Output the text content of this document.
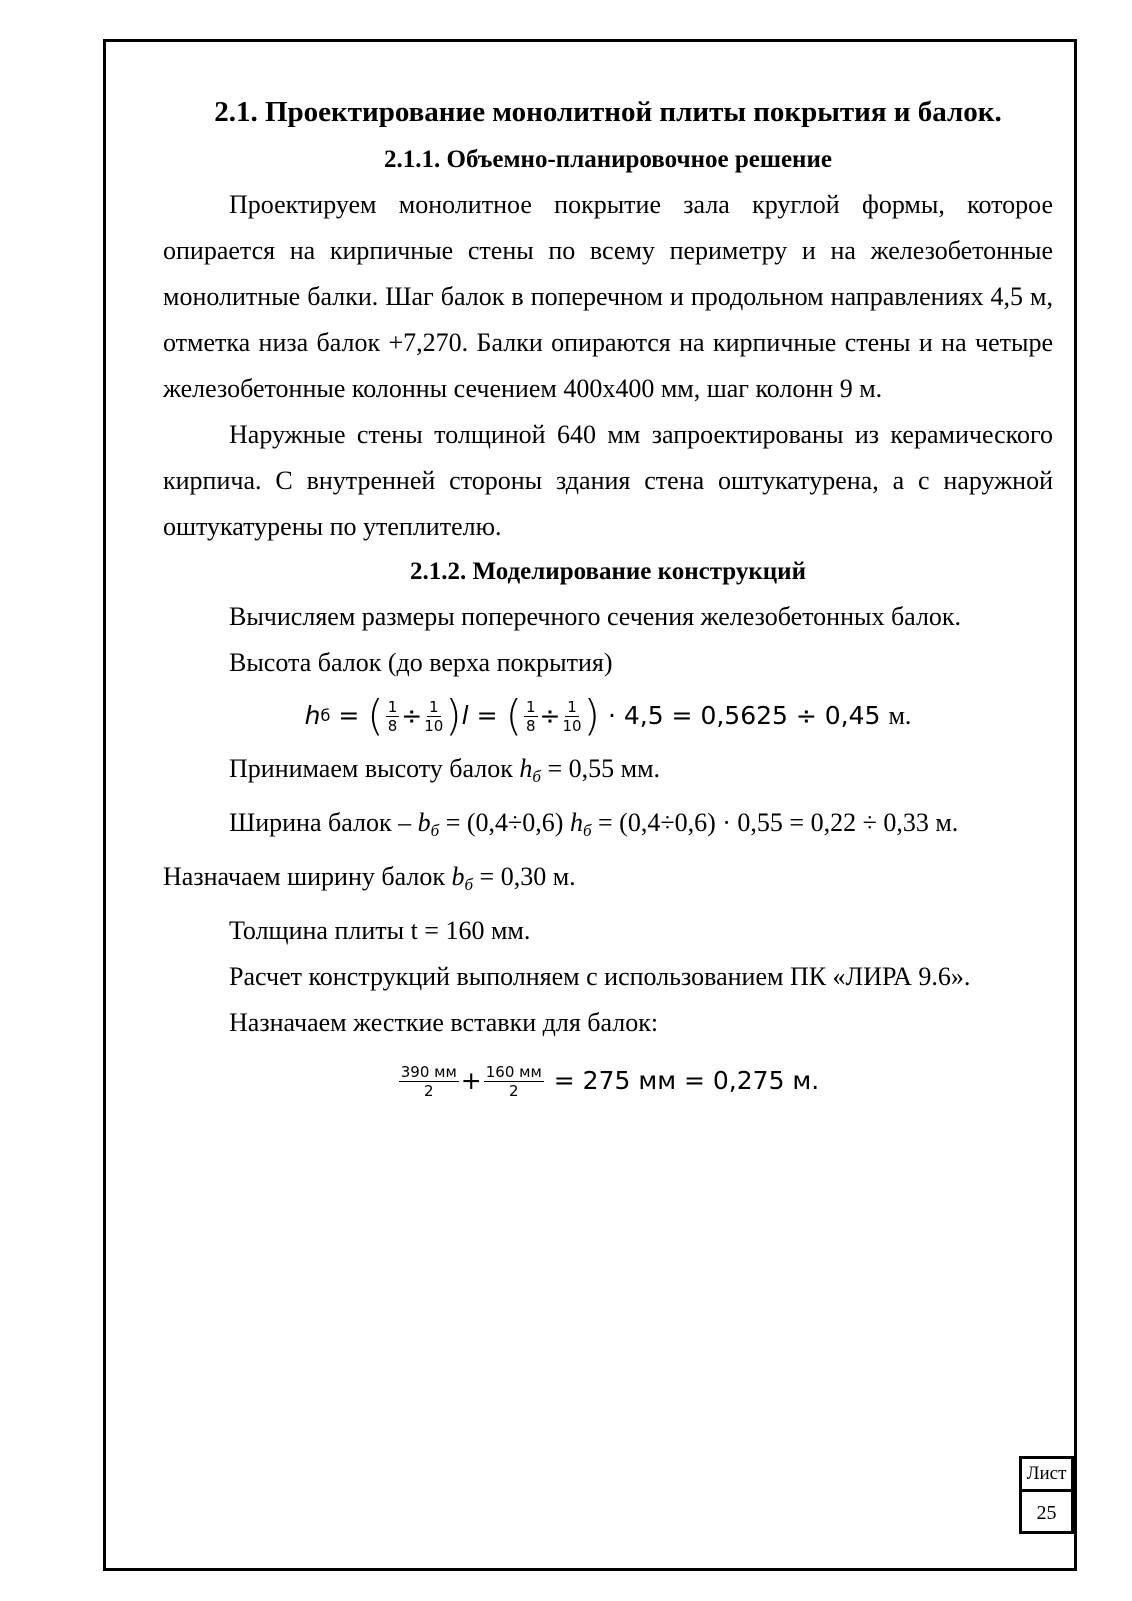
2.1. Проектирование монолитной плиты покрытия и балок.
2.1.1. Объемно-планировочное решение

Проектируем монолитное покрытие зала круглой формы, которое опирается на кирпичные стены по всему периметру и на железобетонные монолитные балки. Шаг балок в поперечном и продольном направлениях 4,5 м, отметка низа балок +7,270. Балки опираются на кирпичные стены и на четыре железобетонные колонны сечением 400х400 мм, шаг колонн 9 м.

Наружные стены толщиной 640 мм запроектированы из керамического кирпича. С внутренней стороны здания стена оштукатурена, а с наружной оштукатурены по утеплителю.

2.1.2. Моделирование конструкций

Вычисляем размеры поперечного сечения железобетонных балок.

Высота балок (до верха покрытия)

h б = ( $\frac{1}{8} \div \frac{1}{10}$ ) l = ( $\frac{1}{8} \div \frac{1}{10}$ ) · 4,5 = 0,5625 ÷ 0,45 м.

Принимаем высоту балок hб = 0,55 мм.

Ширина балок – bб = (0,4÷0,6) hб = (0,4÷0,6) · 0,55 = 0,22 ÷ 0,33 м.

Назначаем ширину балок bб = 0,30 м.

Толщина плиты t = 160 мм.

Расчет конструкций выполняем с использованием ПК «ЛИРА 9.6».

Назначаем жесткие вставки для балок:

$\frac{390 мм}{2} + \frac{160 мм}{2} = 275$ мм = 0,275 м.
Лист
25
